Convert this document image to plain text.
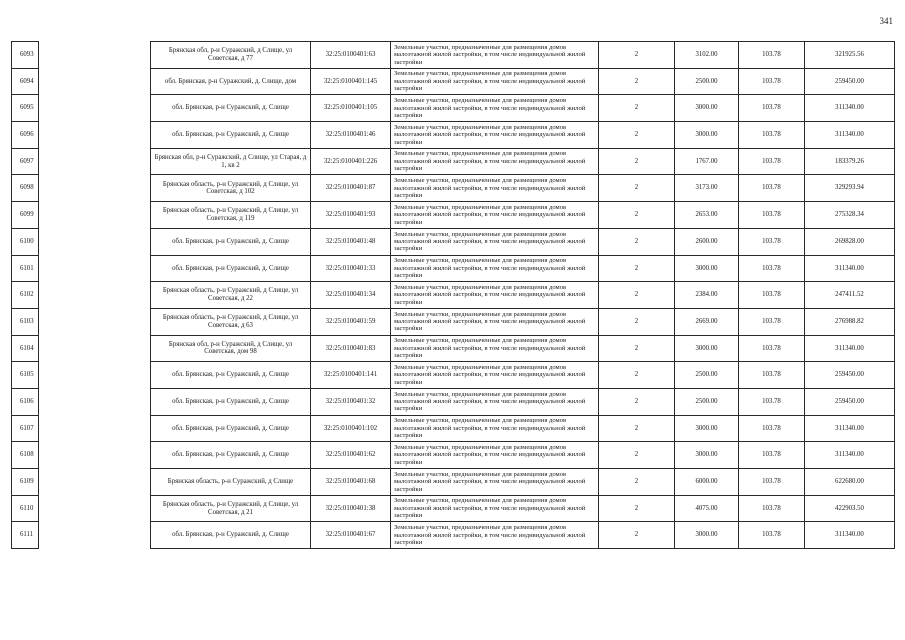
341
6093		Брянская обл, р-н Суражский, д Слище, ул Советская, д 77	32:25:0100401:63	Земельные участки, предназначенные для размещения домов малоэтажной жилой застройки, в том числе индивидуальной жилой застройки	2	3102.00	103.78	321925.56
6094		обл. Брянская, р-н Суражский, д. Слище, дом	32:25:0100401:145	Земельные участки, предназначенные для размещения домов малоэтажной жилой застройки, в том числе индивидуальной жилой застройки	2	2500.00	103.78	259450.00
6095		обл. Брянская, р-н Суражский, д. Слище	32:25:0100401:105	Земельные участки, предназначенные для размещения домов малоэтажной жилой застройки, в том числе индивидуальной жилой застройки	2	3000.00	103.78	311340.00
6096		обл. Брянская, р-н Суражский, д. Слище	32:25:0100401:46	Земельные участки, предназначенные для размещения домов малоэтажной жилой застройки, в том числе индивидуальной жилой застройки	2	3000.00	103.78	311340.00
6097		Брянская обл, р-н Суражский, д Слище, ул Старая, д 1, кв 2	32:25:0100401:226	Земельные участки, предназначенные для размещения домов малоэтажной жилой застройки, в том числе индивидуальной жилой застройки	2	1767.00	103.78	183379.26
6098		Брянская область, р-н Суражский, д Слище, ул Советская, д 102	32:25:0100401:87	Земельные участки, предназначенные для размещения домов малоэтажной жилой застройки, в том числе индивидуальной жилой застройки	2	3173.00	103.78	329293.94
6099		Брянская область, р-н Суражский, д Слище, ул Советская, д 119	32:25:0100401:93	Земельные участки, предназначенные для размещения домов малоэтажной жилой застройки, в том числе индивидуальной жилой застройки	2	2653.00	103.78	275328.34
6100		обл. Брянская, р-н Суражский, д. Слище	32:25:0100401:48	Земельные участки, предназначенные для размещения домов малоэтажной жилой застройки, в том числе индивидуальной жилой застройки	2	2600.00	103.78	269828.00
6101		обл. Брянская, р-н Суражский, д. Слище	32:25:0100401:33	Земельные участки, предназначенные для размещения домов малоэтажной жилой застройки, в том числе индивидуальной жилой застройки	2	3000.00	103.78	311340.00
6102		Брянская область, р-н Суражский, д Слище, ул Советская, д 22	32:25:0100401:34	Земельные участки, предназначенные для размещения домов малоэтажной жилой застройки, в том числе индивидуальной жилой застройки	2	2384.00	103.78	247411.52
6103		Брянская область, р-н Суражский, д Слище, ул Советская, д 63	32:25:0100401:59	Земельные участки, предназначенные для размещения домов малоэтажной жилой застройки, в том числе индивидуальной жилой застройки	2	2669.00	103.78	276988.82
6104		Брянская обл, р-н Суражский, д Слище, ул Советская, дом 98	32:25:0100401:83	Земельные участки, предназначенные для размещения домов малоэтажной жилой застройки, в том числе индивидуальной жилой застройки	2	3000.00	103.78	311340.00
6105		обл. Брянская, р-н Суражский, д. Слище	32:25:0100401:141	Земельные участки, предназначенные для размещения домов малоэтажной жилой застройки, в том числе индивидуальной жилой застройки	2	2500.00	103.78	259450.00
6106		обл. Брянская, р-н Суражский, д. Слище	32:25:0100401:32	Земельные участки, предназначенные для размещения домов малоэтажной жилой застройки, в том числе индивидуальной жилой застройки	2	2500.00	103.78	259450.00
6107		обл. Брянская, р-н Суражский, д. Слище	32:25:0100401:102	Земельные участки, предназначенные для размещения домов малоэтажной жилой застройки, в том числе индивидуальной жилой застройки	2	3000.00	103.78	311340.00
6108		обл. Брянская, р-н Суражский, д. Слище	32:25:0100401:62	Земельные участки, предназначенные для размещения домов малоэтажной жилой застройки, в том числе индивидуальной жилой застройки	2	3000.00	103.78	311340.00
6109		Брянская область, р-н Суражский, д Слище	32:25:0100401:68	Земельные участки, предназначенные для размещения домов малоэтажной жилой застройки, в том числе индивидуальной жилой застройки	2	6000.00	103.78	622680.00
6110		Брянская область, р-н Суражский, д Слище, ул Советская, д 21	32:25:0100401:38	Земельные участки, предназначенные для размещения домов малоэтажной жилой застройки, в том числе индивидуальной жилой застройки	2	4075.00	103.78	422903.50
6111		обл. Брянская, р-н Суражский, д. Слище	32:25:0100401:67	Земельные участки, предназначенные для размещения домов малоэтажной жилой застройки, в том числе индивидуальной жилой застройки	2	3000.00	103.78	311340.00
